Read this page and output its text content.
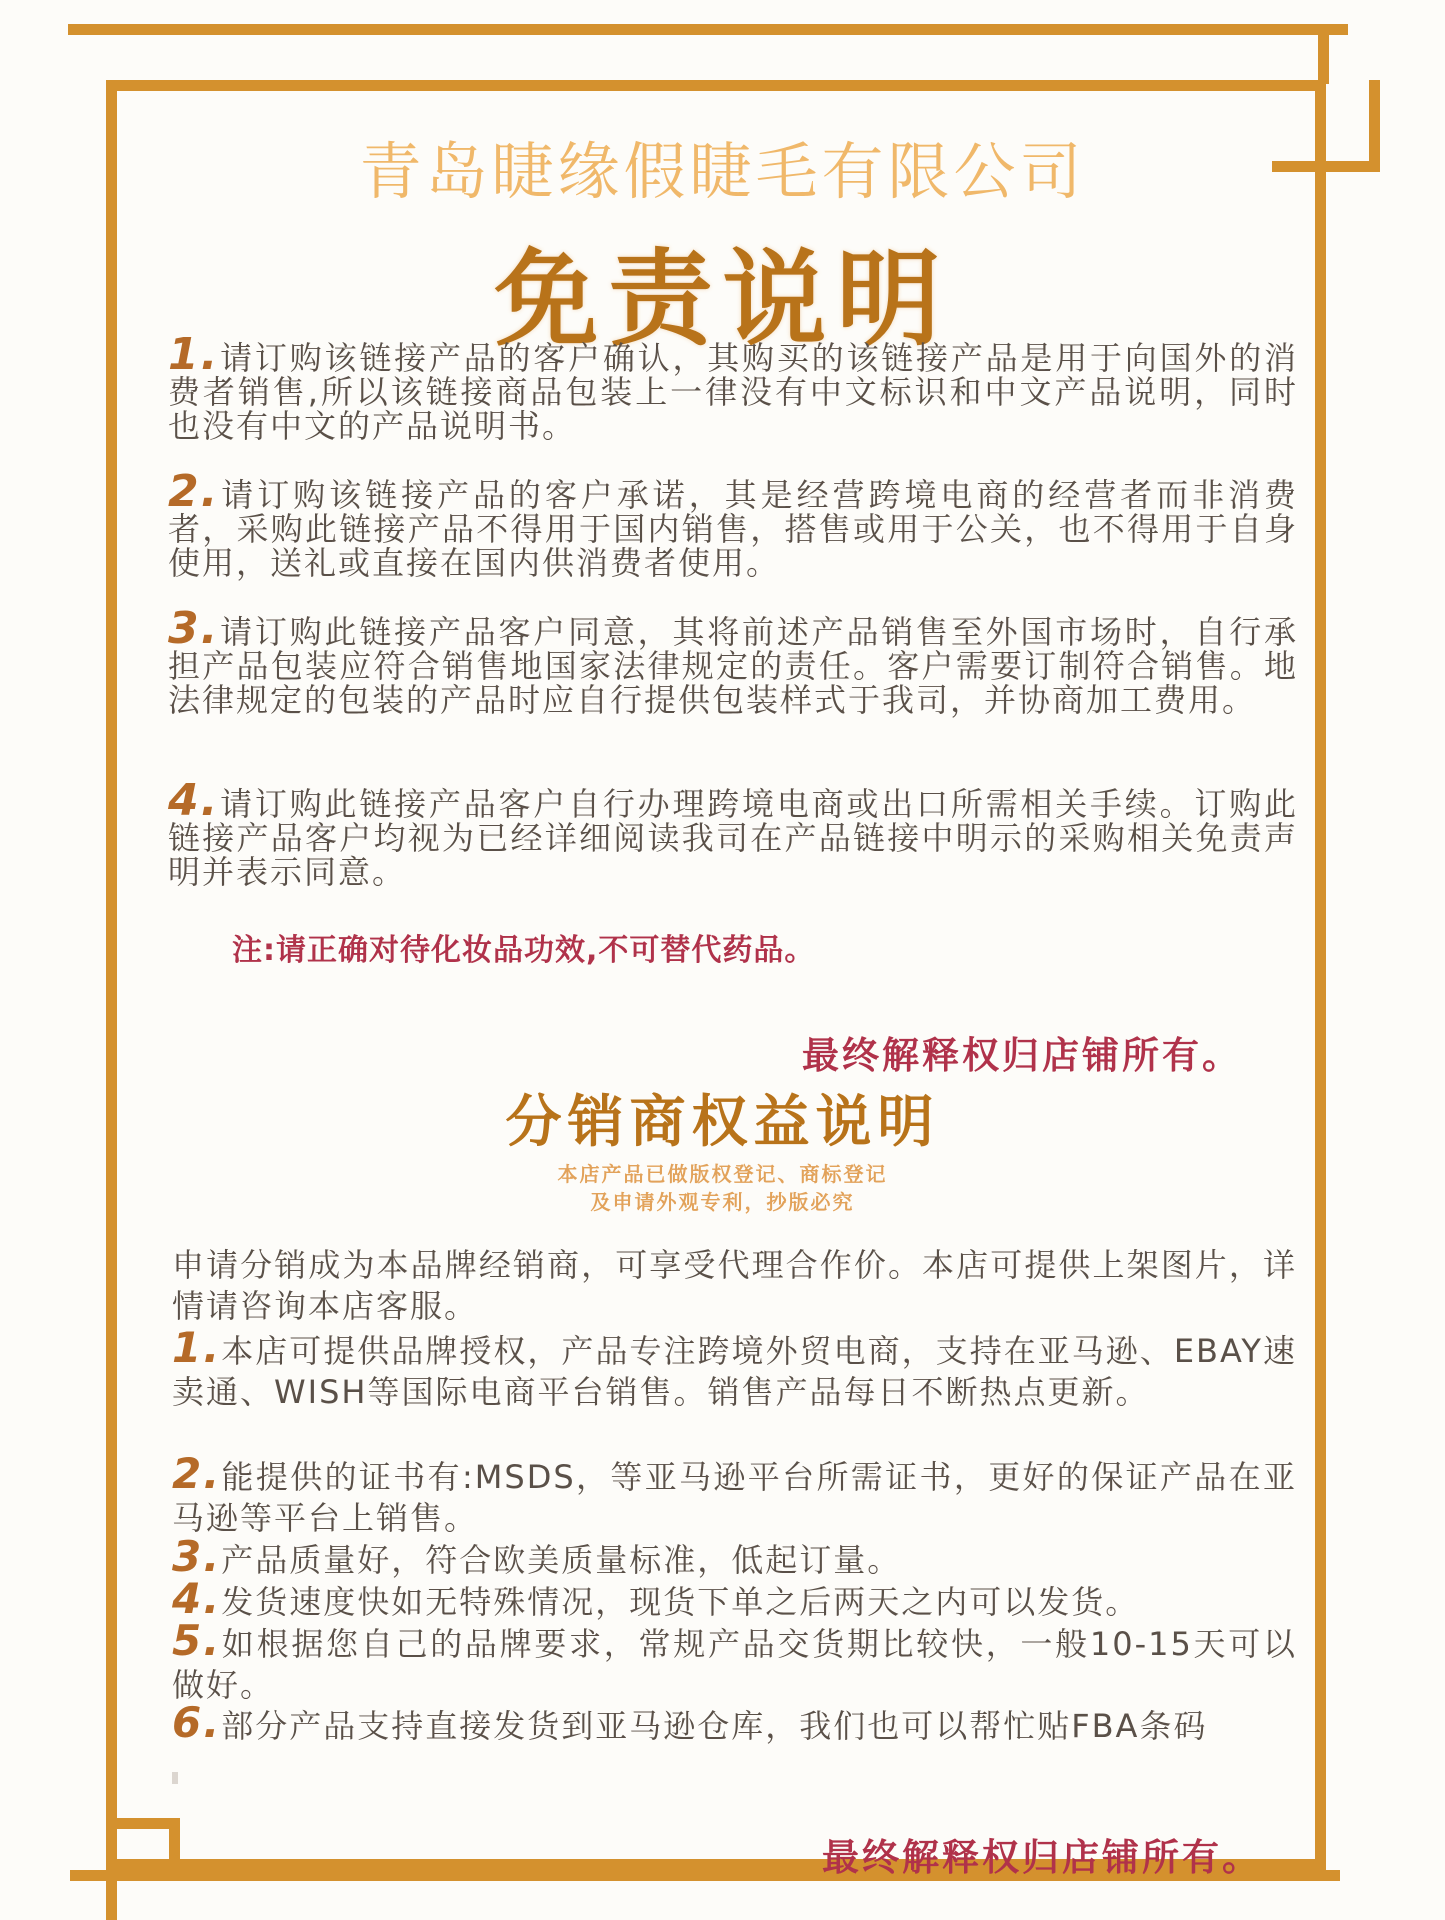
青岛睫缘假睫毛有限公司
免责说明
1.请订购该链接产品的客户确认，其购买的该链接产品是用于向国外的消费者销售,所以该链接商品包装上一律没有中文标识和中文产品说明，同时也没有中文的产品说明书。
2.请订购该链接产品的客户承诺，其是经营跨境电商的经营者而非消费者，采购此链接产品不得用于国内销售，搭售或用于公关，也不得用于自身使用，送礼或直接在国内供消费者使用。
3.请订购此链接产品客户同意，其将前述产品销售至外国市场时，自行承担产品包装应符合销售地国家法律规定的责任。客户需要订制符合销售。地法律规定的包装的产品时应自行提供包装样式于我司，并协商加工费用。
4.请订购此链接产品客户自行办理跨境电商或出口所需相关手续。订购此链接产品客户均视为已经详细阅读我司在产品链接中明示的采购相关免责声明并表示同意。
注:请正确对待化妆品功效,不可替代药品。
最终解释权归店铺所有。
分销商权益说明
本店产品已做版权登记、商标登记
及申请外观专利，抄版必究
申请分销成为本品牌经销商，可享受代理合作价。本店可提供上架图片，详情请咨询本店客服。
1.本店可提供品牌授权，产品专注跨境外贸电商，支持在亚马逊、EBAY速卖通、WISH等国际电商平台销售。销售产品每日不断热点更新。
2.能提供的证书有:MSDS，等亚马逊平台所需证书，更好的保证产品在亚马逊等平台上销售。
3.产品质量好，符合欧美质量标准，低起订量。
4.发货速度快如无特殊情况，现货下单之后两天之内可以发货。
5.如根据您自己的品牌要求，常规产品交货期比较快，一般10-15天可以做好。
6.部分产品支持直接发货到亚马逊仓库，我们也可以帮忙贴FBA条码
最终解释权归店铺所有。
